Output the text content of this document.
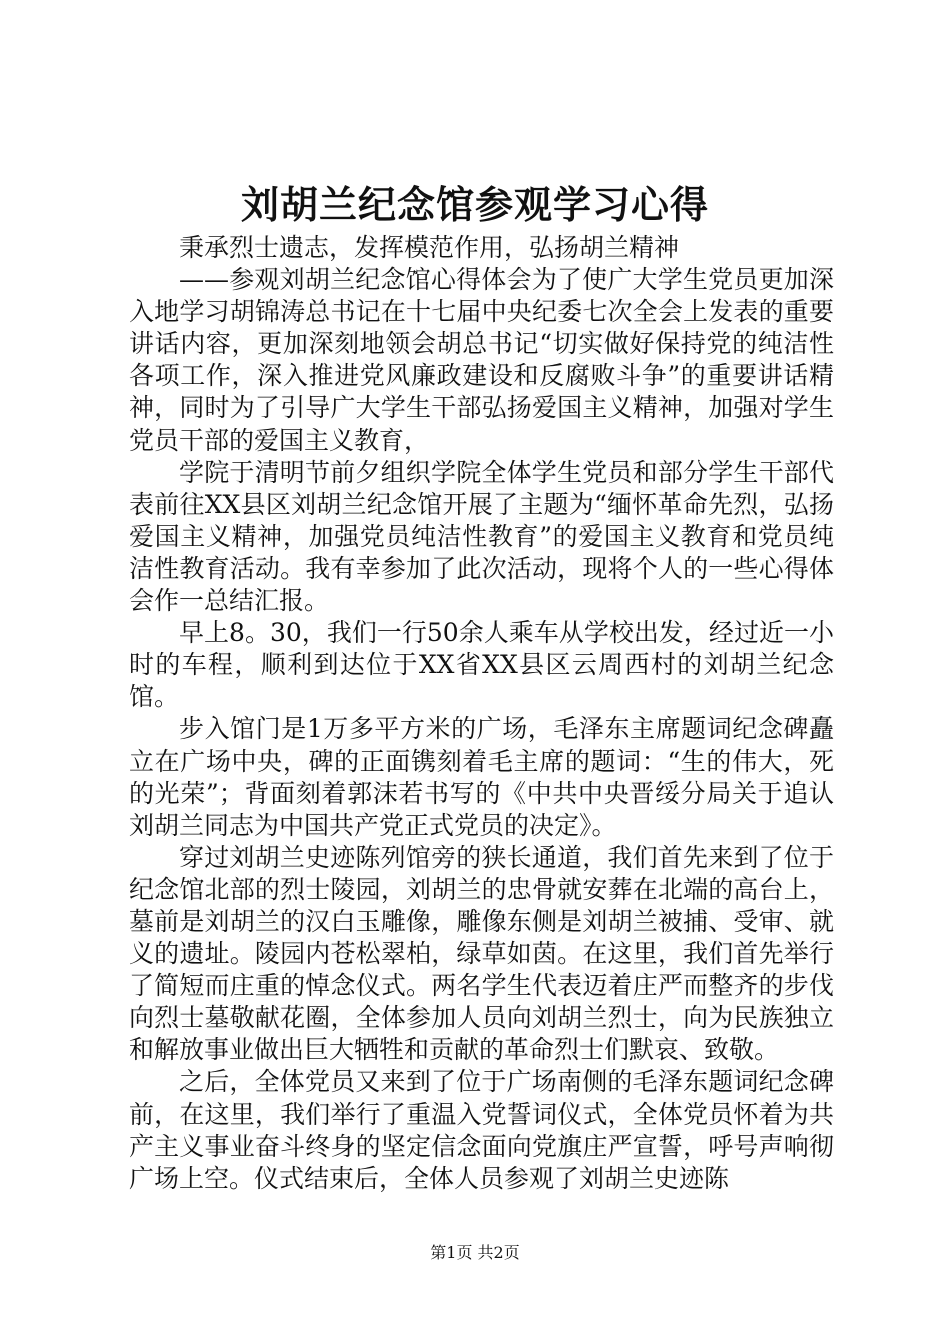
刘胡兰纪念馆参观学习心得

秉承烈士遗志，发挥模范作用，弘扬胡兰精神

——参观刘胡兰纪念馆心得体会为了使广大学生党员更加深入地学习胡锦涛总书记在十七届中央纪委七次全会上发表的重要讲话内容，更加深刻地领会胡总书记“切实做好保持党的纯洁性各项工作，深入推进党风廉政建设和反腐败斗争”的重要讲话精神，同时为了引导广大学生干部弘扬爱国主义精神，加强对学生党员干部的爱国主义教育，

学院于清明节前夕组织学院全体学生党员和部分学生干部代表前往XX县区刘胡兰纪念馆开展了主题为“缅怀革命先烈，弘扬爱国主义精神，加强党员纯洁性教育”的爱国主义教育和党员纯洁性教育活动。我有幸参加了此次活动，现将个人的一些心得体会作一总结汇报。

早上8。30，我们一行50余人乘车从学校出发，经过近一小时的车程，顺利到达位于XX省XX县区云周西村的刘胡兰纪念馆。

步入馆门是1万多平方米的广场，毛泽东主席题词纪念碑矗立在广场中央，碑的正面镌刻着毛主席的题词：“生的伟大，死的光荣”；背面刻着郭沫若书写的《中共中央晋绥分局关于追认刘胡兰同志为中国共产党正式党员的决定》。

穿过刘胡兰史迹陈列馆旁的狭长通道，我们首先来到了位于纪念馆北部的烈士陵园，刘胡兰的忠骨就安葬在北端的高台上，墓前是刘胡兰的汉白玉雕像，雕像东侧是刘胡兰被捕、受审、就义的遗址。陵园内苍松翠柏，绿草如茵。在这里，我们首先举行了简短而庄重的悼念仪式。两名学生代表迈着庄严而整齐的步伐向烈士墓敬献花圈，全体参加人员向刘胡兰烈士，向为民族独立和解放事业做出巨大牺牲和贡献的革命烈士们默哀、致敬。

之后，全体党员又来到了位于广场南侧的毛泽东题词纪念碑前，在这里，我们举行了重温入党誓词仪式，全体党员怀着为共产主义事业奋斗终身的坚定信念面向党旗庄严宣誓，呼号声响彻广场上空。仪式结束后，全体人员参观了刘胡兰史迹陈

第1页 共2页
